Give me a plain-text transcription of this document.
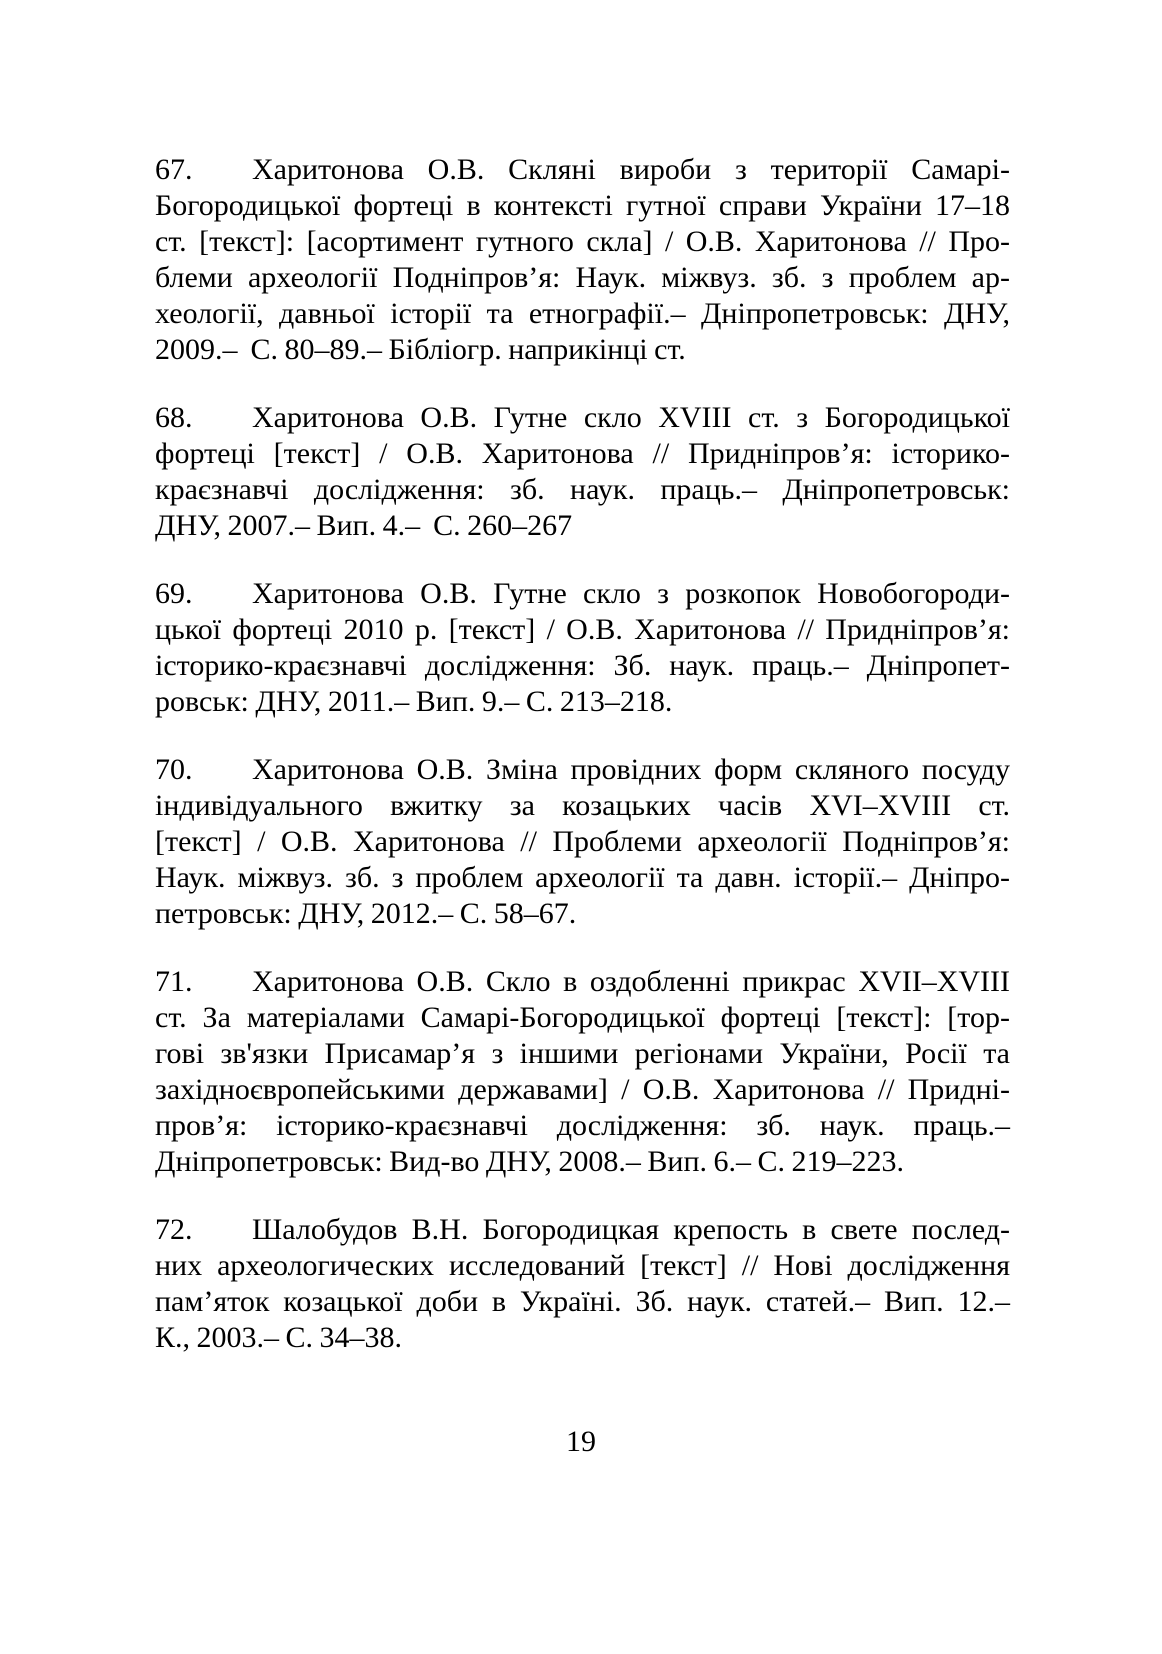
67. Харитонова О.В. Скляні вироби з території Самарі-
Богородицької фортеці в контексті гутної справи України 17–18
ст. [текст]: [асортимент гутного скла] / О.В. Харитонова // Про-
блеми археології Подніпров’я: Наук. міжвуз. зб. з проблем ар-
хеології, давньої історії та етнографії.– Дніпропетровськ: ДНУ,
2009.–  С. 80–89.– Бібліогр. наприкінці ст.
68. Харитонова О.В. Гутне скло XVIII ст. з Богородицької
фортеці [текст] / О.В. Харитонова // Придніпров’я: історико-
краєзнавчі дослідження: зб. наук. праць.– Дніпропетровськ:
ДНУ, 2007.– Вип. 4.–  С. 260–267
69. Харитонова О.В. Гутне скло з розкопок Новобогороди-
цької фортеці 2010 р. [текст] / О.В. Харитонова // Придніпров’я:
історико-краєзнавчі дослідження: Зб. наук. праць.– Дніпропет-
ровськ: ДНУ, 2011.– Вип. 9.– С. 213–218.
70. Харитонова О.В. Зміна провідних форм скляного посуду
індивідуального вжитку за козацьких часів XVI–XVIII ст.
[текст] / О.В. Харитонова // Проблеми археології Подніпров’я:
Наук. міжвуз. зб. з проблем археології та давн. історії.– Дніпро-
петровськ: ДНУ, 2012.– С. 58–67.
71. Харитонова О.В. Скло в оздобленні прикрас XVII–XVIII
ст. За матеріалами Самарі-Богородицької фортеці [текст]: [тор-
гові зв'язки Присамар’я з іншими регіонами України, Росії та
західноєвропейськими державами] / О.В. Харитонова // Придні-
пров’я: історико-краєзнавчі дослідження: зб. наук. праць.–
Дніпропетровськ: Вид-во ДНУ, 2008.– Вип. 6.– С. 219–223.
72. Шалобудов В.Н. Богородицкая крепость в свете послед-
них археологических исследований [текст] // Нові дослідження
пам’яток козацької доби в Україні. Зб. наук. статей.– Вип. 12.–
К., 2003.– С. 34–38.
19
